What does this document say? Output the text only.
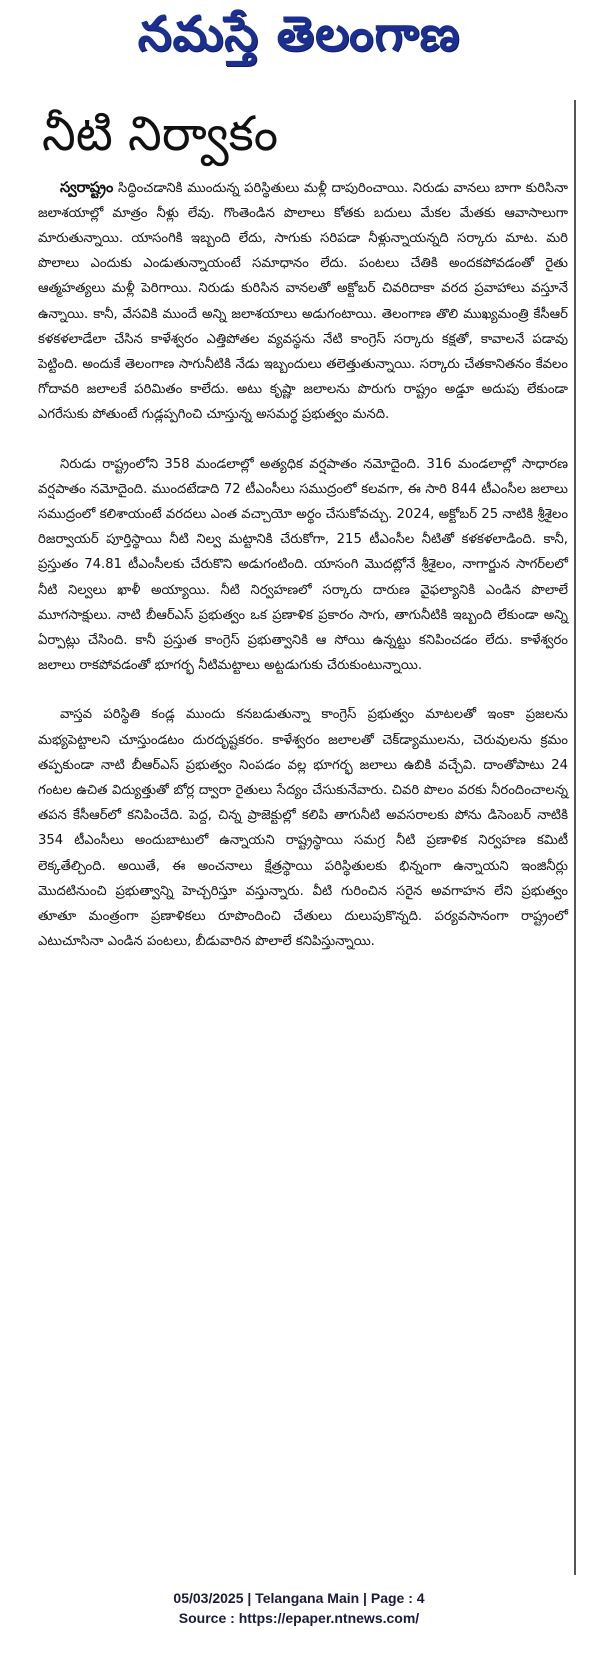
నమస్తే తెలంగాణ
నీటి నిర్వాకం

స్వరాష్ట్రం సిద్ధించడానికి ముందున్న పరిస్థితులు మళ్లీ దాపురించాయి. నిరుడు వానలు బాగా కురిసినా జలాశయాల్లో మాత్రం నీళ్లు లేవు. గొంతెండిన పొలాలు కోతకు బదులు మేకల మేతకు ఆవాసాలుగా మారుతున్నాయి. యాసంగికి ఇబ్బంది లేదు, సాగుకు సరిపడా నీళ్లున్నాయన్నది సర్కారు మాట. మరి పొలాలు ఎందుకు ఎండుతున్నాయంటే సమాధానం లేదు. పంటలు చేతికి అందకపోవడంతో రైతు ఆత్మహత్యలు మళ్లీ పెరిగాయి. నిరుడు కురిసిన వానలతో అక్టోబర్ చివరిదాకా వరద ప్రవాహాలు వస్తూనే ఉన్నాయి. కానీ, వేసవికి ముందే అన్ని జలాశయాలు అడుగంటాయి. తెలంగాణ తొలి ముఖ్యమంత్రి కేసీఆర్ కళకళలాడేలా చేసిన కాళేశ్వరం ఎత్తిపోతల వ్యవస్థను నేటి కాంగ్రెస్ సర్కారు కక్షతో, కావాలనే పడావు పెట్టింది. అందుకే తెలంగాణ సాగునీటికి నేడు ఇబ్బందులు తలెత్తుతున్నాయి. సర్కారు చేతకానితనం కేవలం గోదావరి జలాలకే పరిమితం కాలేదు. అటు కృష్ణా జలాలను పొరుగు రాష్ట్రం అడ్డూ అదుపు లేకుండా ఎగరేసుకు పోతుంటే గుడ్లప్పగించి చూస్తున్న అసమర్థ ప్రభుత్వం మనది.

నిరుడు రాష్ట్రంలోని 358 మండలాల్లో అత్యధిక వర్షపాతం నమోదైంది. 316 మండలాల్లో సాధారణ వర్షపాతం నమోదైంది. ముందటేడాది 72 టీఎంసీలు సముద్రంలో కలవగా, ఈ సారి 844 టీఎంసీల జలాలు సముద్రంలో కలిశాయంటే వరదలు ఎంత వచ్చాయో అర్థం చేసుకోవచ్చు. 2024, అక్టోబర్ 25 నాటికి శ్రీశైలం రిజర్వాయర్ పూర్తిస్థాయి నీటి నిల్వ మట్టానికి చేరుకోగా, 215 టీఎంసీల నీటితో కళకళలాడింది. కానీ, ప్రస్తుతం 74.81 టీఎంసీలకు చేరుకొని అడుగంటింది. యాసంగి మొదట్లోనే శ్రీశైలం, నాగార్జున సాగర్‌లలో నీటి నిల్వలు ఖాళీ అయ్యాయి. నీటి నిర్వహణలో సర్కారు దారుణ వైఫల్యానికి ఎండిన పొలాలే మూగసాక్షులు. నాటి బీఆర్‌ఎస్ ప్రభుత్వం ఒక ప్రణాళిక ప్రకారం సాగు, తాగునీటికి ఇబ్బంది లేకుండా అన్ని ఏర్పాట్లు చేసింది. కానీ ప్రస్తుత కాంగ్రెస్ ప్రభుత్వానికి ఆ సోయి ఉన్నట్టు కనిపించడం లేదు. కాళేశ్వరం జలాలు రాకపోవడంతో భూగర్భ నీటిమట్టాలు అట్టడుగుకు చేరుకుంటున్నాయి.

వాస్తవ పరిస్థితి కండ్ల ముందు కనబడుతున్నా కాంగ్రెస్ ప్రభుత్వం మాటలతో ఇంకా ప్రజలను మభ్యపెట్టాలని చూస్తుండటం దురదృష్టకరం. కాళేశ్వరం జలాలతో చెక్‌డ్యాములను, చెరువులను క్రమం తప్పకుండా నాటి బీఆర్‌ఎస్ ప్రభుత్వం నింపడం వల్ల భూగర్భ జలాలు ఉబికి వచ్చేవి. దాంతోపాటు 24 గంటల ఉచిత విద్యుత్తుతో బోర్ల ద్వారా రైతులు సేద్యం చేసుకునేవారు. చివరి పొలం వరకు నీరందించాలన్న తపన కేసీఆర్‌లో కనిపించేది. పెద్ద, చిన్న ప్రాజెక్టుల్లో కలిపి తాగునీటి అవసరాలకు పోను డిసెంబర్ నాటికి 354 టీఎంసీలు అందుబాటులో ఉన్నాయని రాష్ట్రస్థాయి సమగ్ర నీటి ప్రణాళిక నిర్వహణ కమిటీ లెక్కతేల్చింది. అయితే, ఈ అంచనాలు క్షేత్రస్థాయి పరిస్థితులకు భిన్నంగా ఉన్నాయని ఇంజినీర్లు మొదటినుంచి ప్రభుత్వాన్ని హెచ్చరిస్తూ వస్తున్నారు. వీటి గురించిన సరైన అవగాహన లేని ప్రభుత్వం తూతూ మంత్రంగా ప్రణాళికలు రూపొందించి చేతులు దులుపుకొన్నది. పర్యవసానంగా రాష్ట్రంలో ఎటుచూసినా ఎండిన పంటలు, బీడువారిన పొలాలే కనిపిస్తున్నాయి.

05/03/2025 | Telangana Main | Page : 4
Source : https://epaper.ntnews.com/
